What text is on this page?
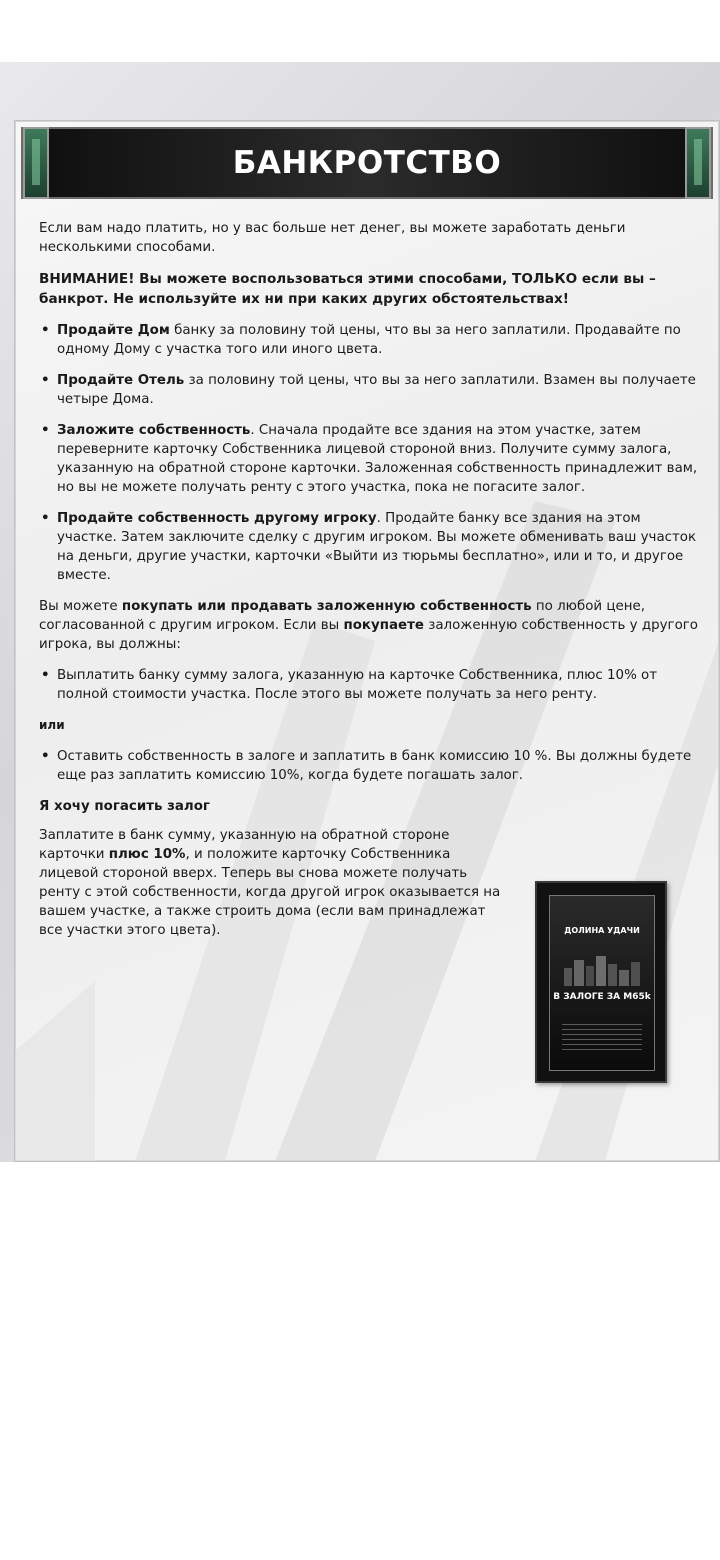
БАНКРОТСТВО

Если вам надо платить, но у вас больше нет денег, вы можете заработать деньги несколькими способами.

ВНИМАНИЕ! Вы можете воспользоваться этими способами, ТОЛЬКО если вы – банкрот. Не используйте их ни при каких других обстоятельствах!

• Продайте Дом банку за половину той цены, что вы за него заплатили. Продавайте по одному Дому с участка того или иного цвета.
• Продайте Отель за половину той цены, что вы за него заплатили. Взамен вы получаете четыре Дома.
• Заложите собственность. Сначала продайте все здания на этом участке, затем переверните карточку Собственника лицевой стороной вниз. Получите сумму залога, указанную на обратной стороне карточки. Заложенная собственность принадлежит вам, но вы не можете получать ренту с этого участка, пока не погасите залог.
• Продайте собственность другому игроку. Продайте банку все здания на этом участке. Затем заключите сделку с другим игроком. Вы можете обменивать ваш участок на деньги, другие участки, карточки «Выйти из тюрьмы бесплатно», или и то, и другое вместе.

Вы можете покупать или продавать заложенную собственность по любой цене, согласованной с другим игроком. Если вы покупаете заложенную собственность у другого игрока, вы должны:

• Выплатить банку сумму залога, указанную на карточке Собственника, плюс 10% от полной стоимости участка. После этого вы можете получать за него ренту.

или

• Оставить собственность в залоге и заплатить в банк комиссию 10 %. Вы должны будете еще раз заплатить комиссию 10%, когда будете погашать залог.

Я хочу погасить залог

Заплатите в банк сумму, указанную на обратной стороне карточки плюс 10%, и положите карточку Собственника лицевой стороной вверх. Теперь вы снова можете получать ренту с этой собственности, когда другой игрок оказывается на вашем участке, а также строить дома (если вам принадлежат все участки этого цвета).	ДОЛИНА УДАЧИ
В ЗАЛОГЕ ЗА М65k
